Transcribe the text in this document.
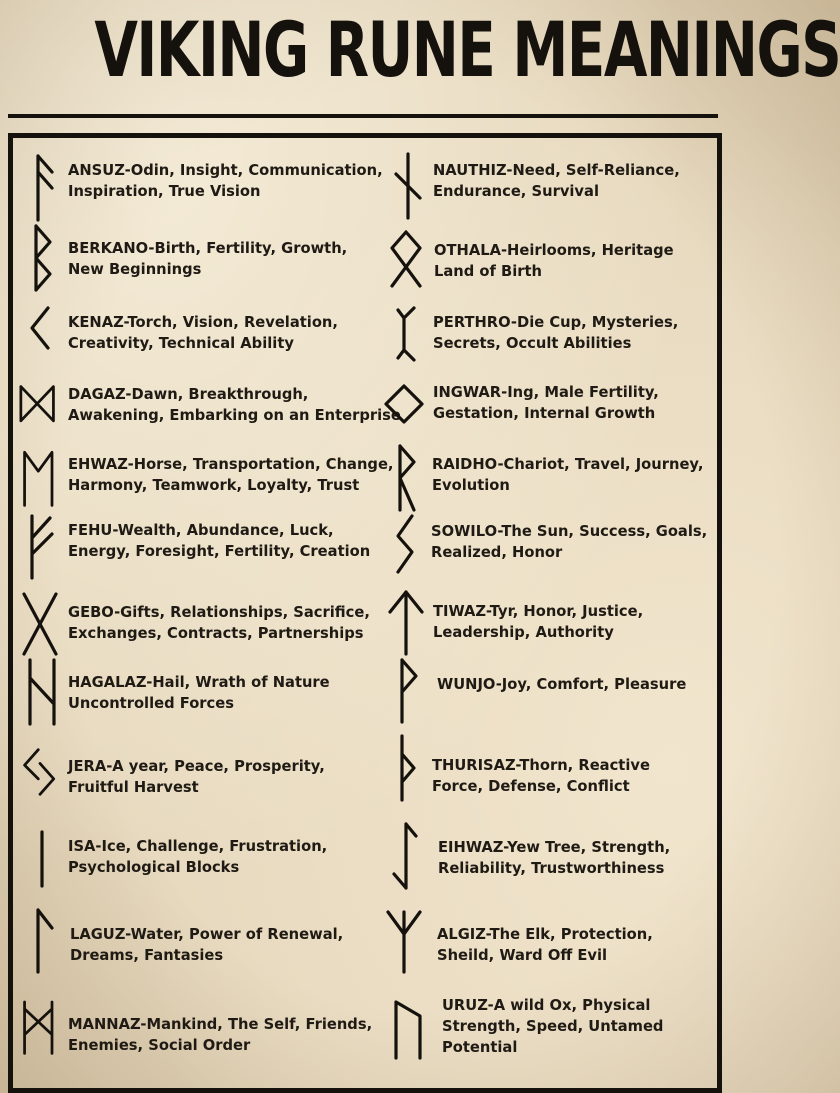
VIKING RUNE MEANINGS
ANSUZ-Odin, Insight, Communication,
Inspiration, True Vision
NAUTHIZ-Need, Self-Reliance,
Endurance, Survival
BERKANO-Birth, Fertility, Growth,
New Beginnings
OTHALA-Heirlooms, Heritage
Land of Birth
KENAZ-Torch, Vision, Revelation,
Creativity, Technical Ability
PERTHRO-Die Cup, Mysteries,
Secrets, Occult Abilities
DAGAZ-Dawn, Breakthrough,
Awakening, Embarking on an Enterprise
INGWAR-Ing, Male Fertility,
Gestation, Internal Growth
EHWAZ-Horse, Transportation, Change,
Harmony, Teamwork, Loyalty, Trust
RAIDHO-Chariot, Travel, Journey,
Evolution
FEHU-Wealth, Abundance, Luck,
Energy, Foresight, Fertility, Creation
SOWILO-The Sun, Success, Goals,
Realized, Honor
GEBO-Gifts, Relationships, Sacrifice,
Exchanges, Contracts, Partnerships
TIWAZ-Tyr, Honor, Justice,
Leadership, Authority
HAGALAZ-Hail, Wrath of Nature
Uncontrolled Forces
WUNJO-Joy, Comfort, Pleasure
JERA-A year, Peace, Prosperity,
Fruitful Harvest
THURISAZ-Thorn, Reactive
Force, Defense, Conflict
ISA-Ice, Challenge, Frustration,
Psychological Blocks
EIHWAZ-Yew Tree, Strength,
Reliability, Trustworthiness
LAGUZ-Water, Power of Renewal,
Dreams, Fantasies
ALGIZ-The Elk, Protection,
Sheild, Ward Off Evil
MANNAZ-Mankind, The Self, Friends,
Enemies, Social Order
URUZ-A wild Ox, Physical
Strength, Speed, Untamed
Potential
